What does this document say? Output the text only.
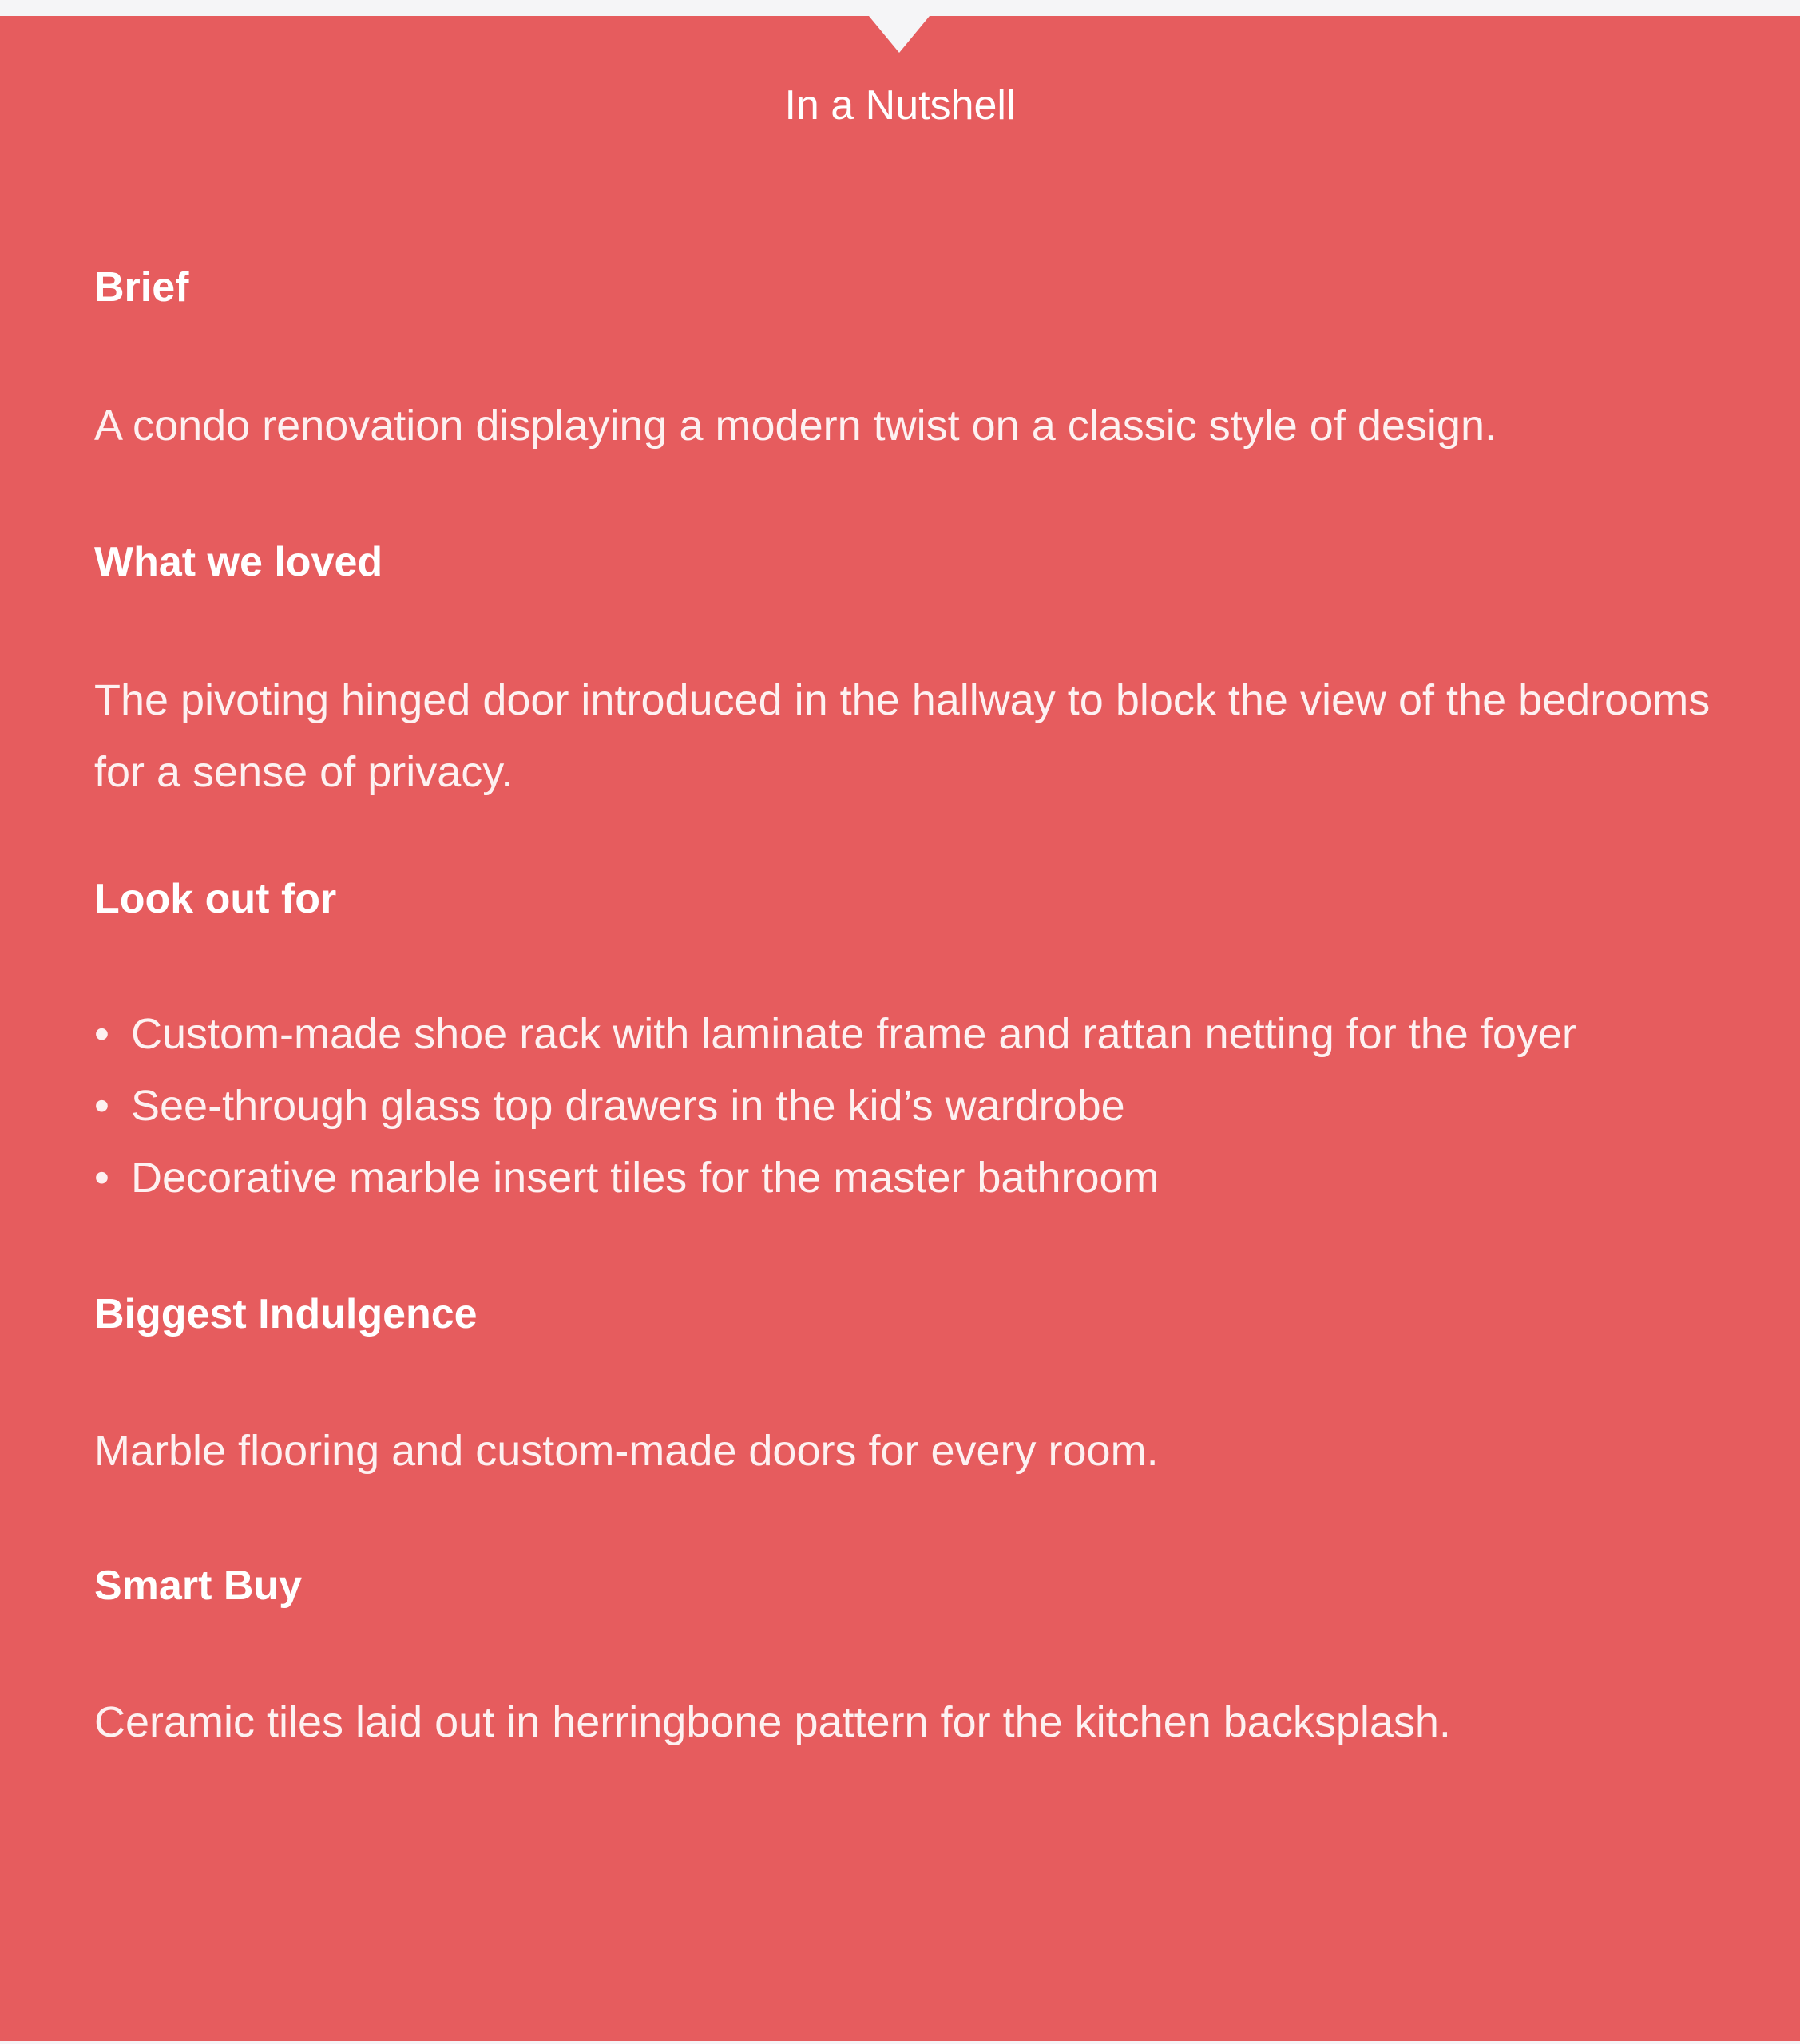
In a Nutshell
Brief
A condo renovation displaying a modern twist on a classic style of design.
What we loved
The pivoting hinged door introduced in the hallway to block the view of the bedrooms for a sense of privacy.
Look out for
• Custom-made shoe rack with laminate frame and rattan netting for the foyer
• See-through glass top drawers in the kid’s wardrobe
• Decorative marble insert tiles for the master bathroom
Biggest Indulgence
Marble flooring and custom-made doors for every room.
Smart Buy
Ceramic tiles laid out in herringbone pattern for the kitchen backsplash.
